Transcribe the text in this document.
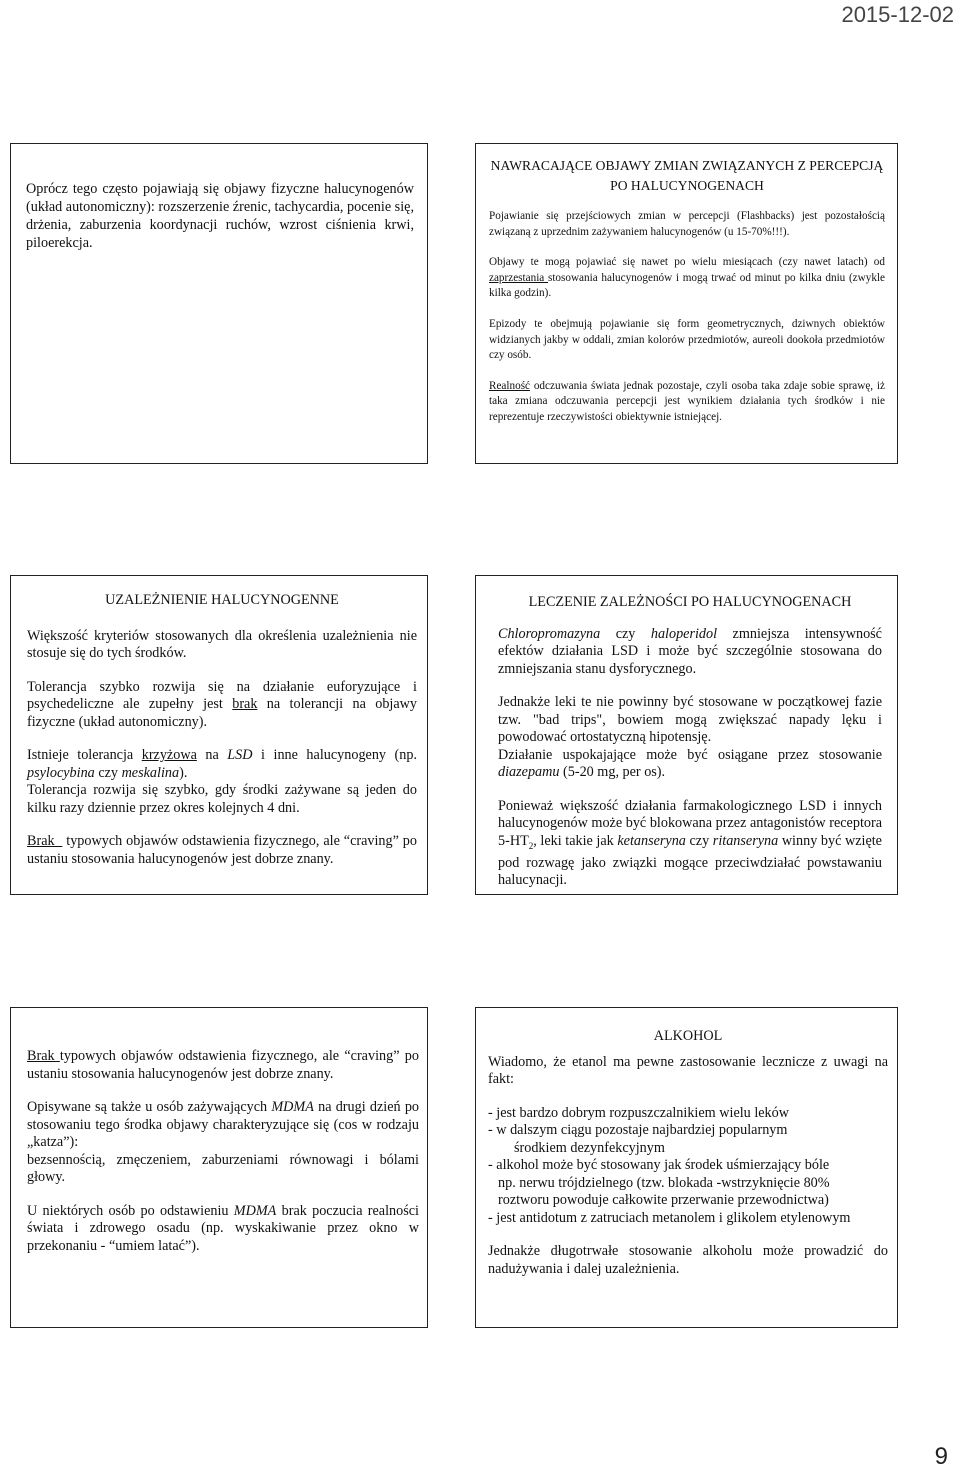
2015-12-02

Oprócz tego często pojawiają się objawy fizyczne halucynogenów (układ autonomiczny): rozszerzenie źrenic, tachycardia, pocenie się, drżenia, zaburzenia koordynacji ruchów, wzrost ciśnienia krwi, piloerekcja.

NAWRACAJĄCE OBJAWY ZMIAN ZWIĄZANYCH Z PERCEPCJĄ PO HALUCYNOGENACH

Pojawianie się przejściowych zmian w percepcji (Flashbacks) jest pozostałością związaną z uprzednim zażywaniem halucynogenów (u 15-70%!!!).

Objawy te mogą pojawiać się nawet po wielu miesiącach (czy nawet latach) od zaprzestania stosowania halucynogenów i mogą trwać od minut po kilka dniu (zwykle kilka godzin).

Epizody te obejmują pojawianie się form geometrycznych, dziwnych obiektów widzianych jakby w oddali, zmian kolorów przedmiotów, aureoli dookoła przedmiotów czy osób.

Realność odczuwania świata jednak pozostaje, czyli osoba taka zdaje sobie sprawę, iż taka zmiana odczuwania percepcji jest wynikiem działania tych środków i nie reprezentuje rzeczywistości obiektywnie istniejącej.

UZALEŻNIENIE HALUCYNOGENNE

Większość kryteriów stosowanych dla określenia uzależnienia nie stosuje się do tych środków.

Tolerancja szybko rozwija się na działanie euforyzujące i psychedeliczne ale zupełny jest brak na tolerancji na objawy fizyczne (układ autonomiczny).

Istnieje tolerancja krzyżowa na LSD i inne halucynogeny (np. psylocybina czy meskalina).

Tolerancja rozwija się szybko, gdy środki zażywane są jeden do kilku razy dziennie przez okres kolejnych 4 dni.

Brak   typowych objawów odstawienia fizycznego, ale “craving” po ustaniu stosowania halucynogenów jest dobrze znany.

LECZENIE ZALEŻNOŚCI PO HALUCYNOGENACH

Chloropromazyna czy haloperidol zmniejsza intensywność efektów działania LSD i może być szczególnie stosowana do zmniejszania stanu dysforycznego.

Jednakże leki te nie powinny być stosowane w początkowej fazie tzw. "bad trips", bowiem mogą zwiększać napady lęku i powodować ortostatyczną hipotensję.

Działanie uspokajające może być osiągane przez stosowanie diazepamu (5-20 mg, per os).

Ponieważ większość działania farmakologicznego LSD i innych halucynogenów może być blokowana przez antagonistów receptora $5-HT_2$, leki takie jak ketanseryna czy ritanseryna winny być wzięte pod rozwagę jako związki mogące przeciwdziałać powstawaniu halucynacji.

Brak typowych objawów odstawienia fizycznego, ale “craving” po ustaniu stosowania halucynogenów jest dobrze znany.

Opisywane są także u osób zażywających MDMA na drugi dzień po stosowaniu tego środka objawy charakteryzujące się (cos w rodzaju „katza”):

bezsennością, zmęczeniem, zaburzeniami równowagi i bólami głowy.

U niektórych osób po odstawieniu MDMA brak poczucia realności świata i zdrowego osadu (np. wyskakiwanie przez okno w przekonaniu - “umiem latać”).

ALKOHOL

Wiadomo, że etanol ma pewne zastosowanie lecznicze z uwagi na fakt:

- jest bardzo dobrym rozpuszczalnikiem wielu leków
- w dalszym ciągu pozostaje najbardziej popularnym
środkiem dezynfekcyjnym
- alkohol może być stosowany jak środek uśmierzający bóle
np. nerwu trójdzielnego (tzw. blokada -wstrzyknięcie 80%
roztworu powoduje całkowite przerwanie przewodnictwa)
- jest antidotum z zatruciach metanolem i glikolem etylenowym

Jednakże długotrwałe stosowanie alkoholu może prowadzić do nadużywania i dalej uzależnienia.

9
